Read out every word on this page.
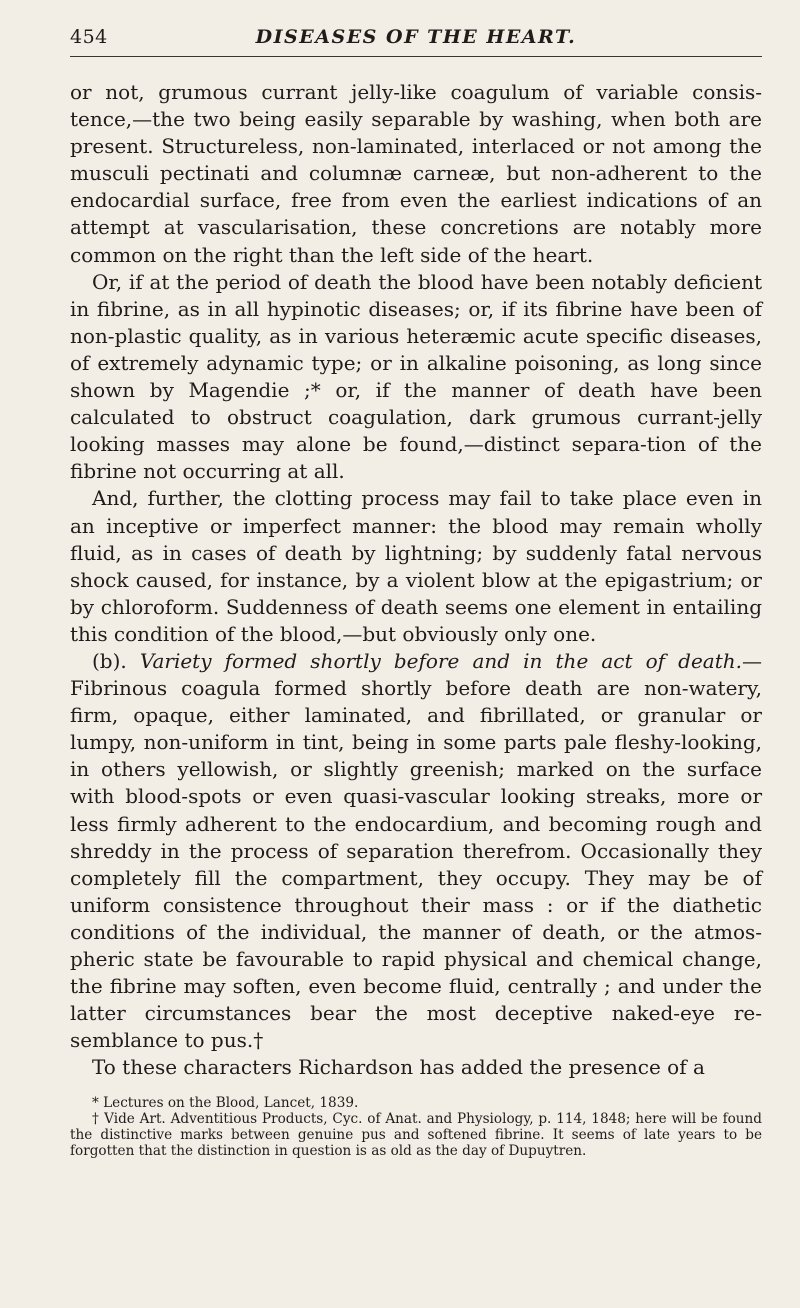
454	DISEASES OF THE HEART.

or not, grumous currant jelly-like coagulum of variable consis-tence,—the two being easily separable by washing, when both are present. Structureless, non-laminated, interlaced or not among the musculi pectinati and columnæ carneæ, but non-adherent to the endocardial surface, free from even the earliest indications of an attempt at vascularisation, these concretions are notably more common on the right than the left side of the heart.

Or, if at the period of death the blood have been notably deficient in fibrine, as in all hypinotic diseases; or, if its fibrine have been of non-plastic quality, as in various heteræmic acute specific diseases, of extremely adynamic type; or in alkaline poisoning, as long since shown by Magendie ;* or, if the manner of death have been calculated to obstruct coagulation, dark grumous currant-jelly looking masses may alone be found,—distinct separa-tion of the fibrine not occurring at all.

And, further, the clotting process may fail to take place even in an inceptive or imperfect manner: the blood may remain wholly fluid, as in cases of death by lightning; by suddenly fatal nervous shock caused, for instance, by a violent blow at the epigastrium; or by chloroform. Suddenness of death seems one element in entailing this condition of the blood,—but obviously only one.

(b). Variety formed shortly before and in the act of death.— Fibrinous coagula formed shortly before death are non-watery, firm, opaque, either laminated, and fibrillated, or granular or lumpy, non-uniform in tint, being in some parts pale fleshy-looking, in others yellowish, or slightly greenish; marked on the surface with blood-spots or even quasi-vascular looking streaks, more or less firmly adherent to the endocardium, and becoming rough and shreddy in the process of separation therefrom. Occasionally they completely fill the compartment, they occupy. They may be of uniform consistence throughout their mass : or if the diathetic conditions of the individual, the manner of death, or the atmos-pheric state be favourable to rapid physical and chemical change, the fibrine may soften, even become fluid, centrally ; and under the latter circumstances bear the most deceptive naked-eye re-semblance to pus.†

To these characters Richardson has added the presence of a

* Lectures on the Blood, Lancet, 1839.

† Vide Art. Adventitious Products, Cyc. of Anat. and Physiology, p. 114, 1848; here will be found the distinctive marks between genuine pus and softened fibrine. It seems of late years to be forgotten that the distinction in question is as old as the day of Dupuytren.
